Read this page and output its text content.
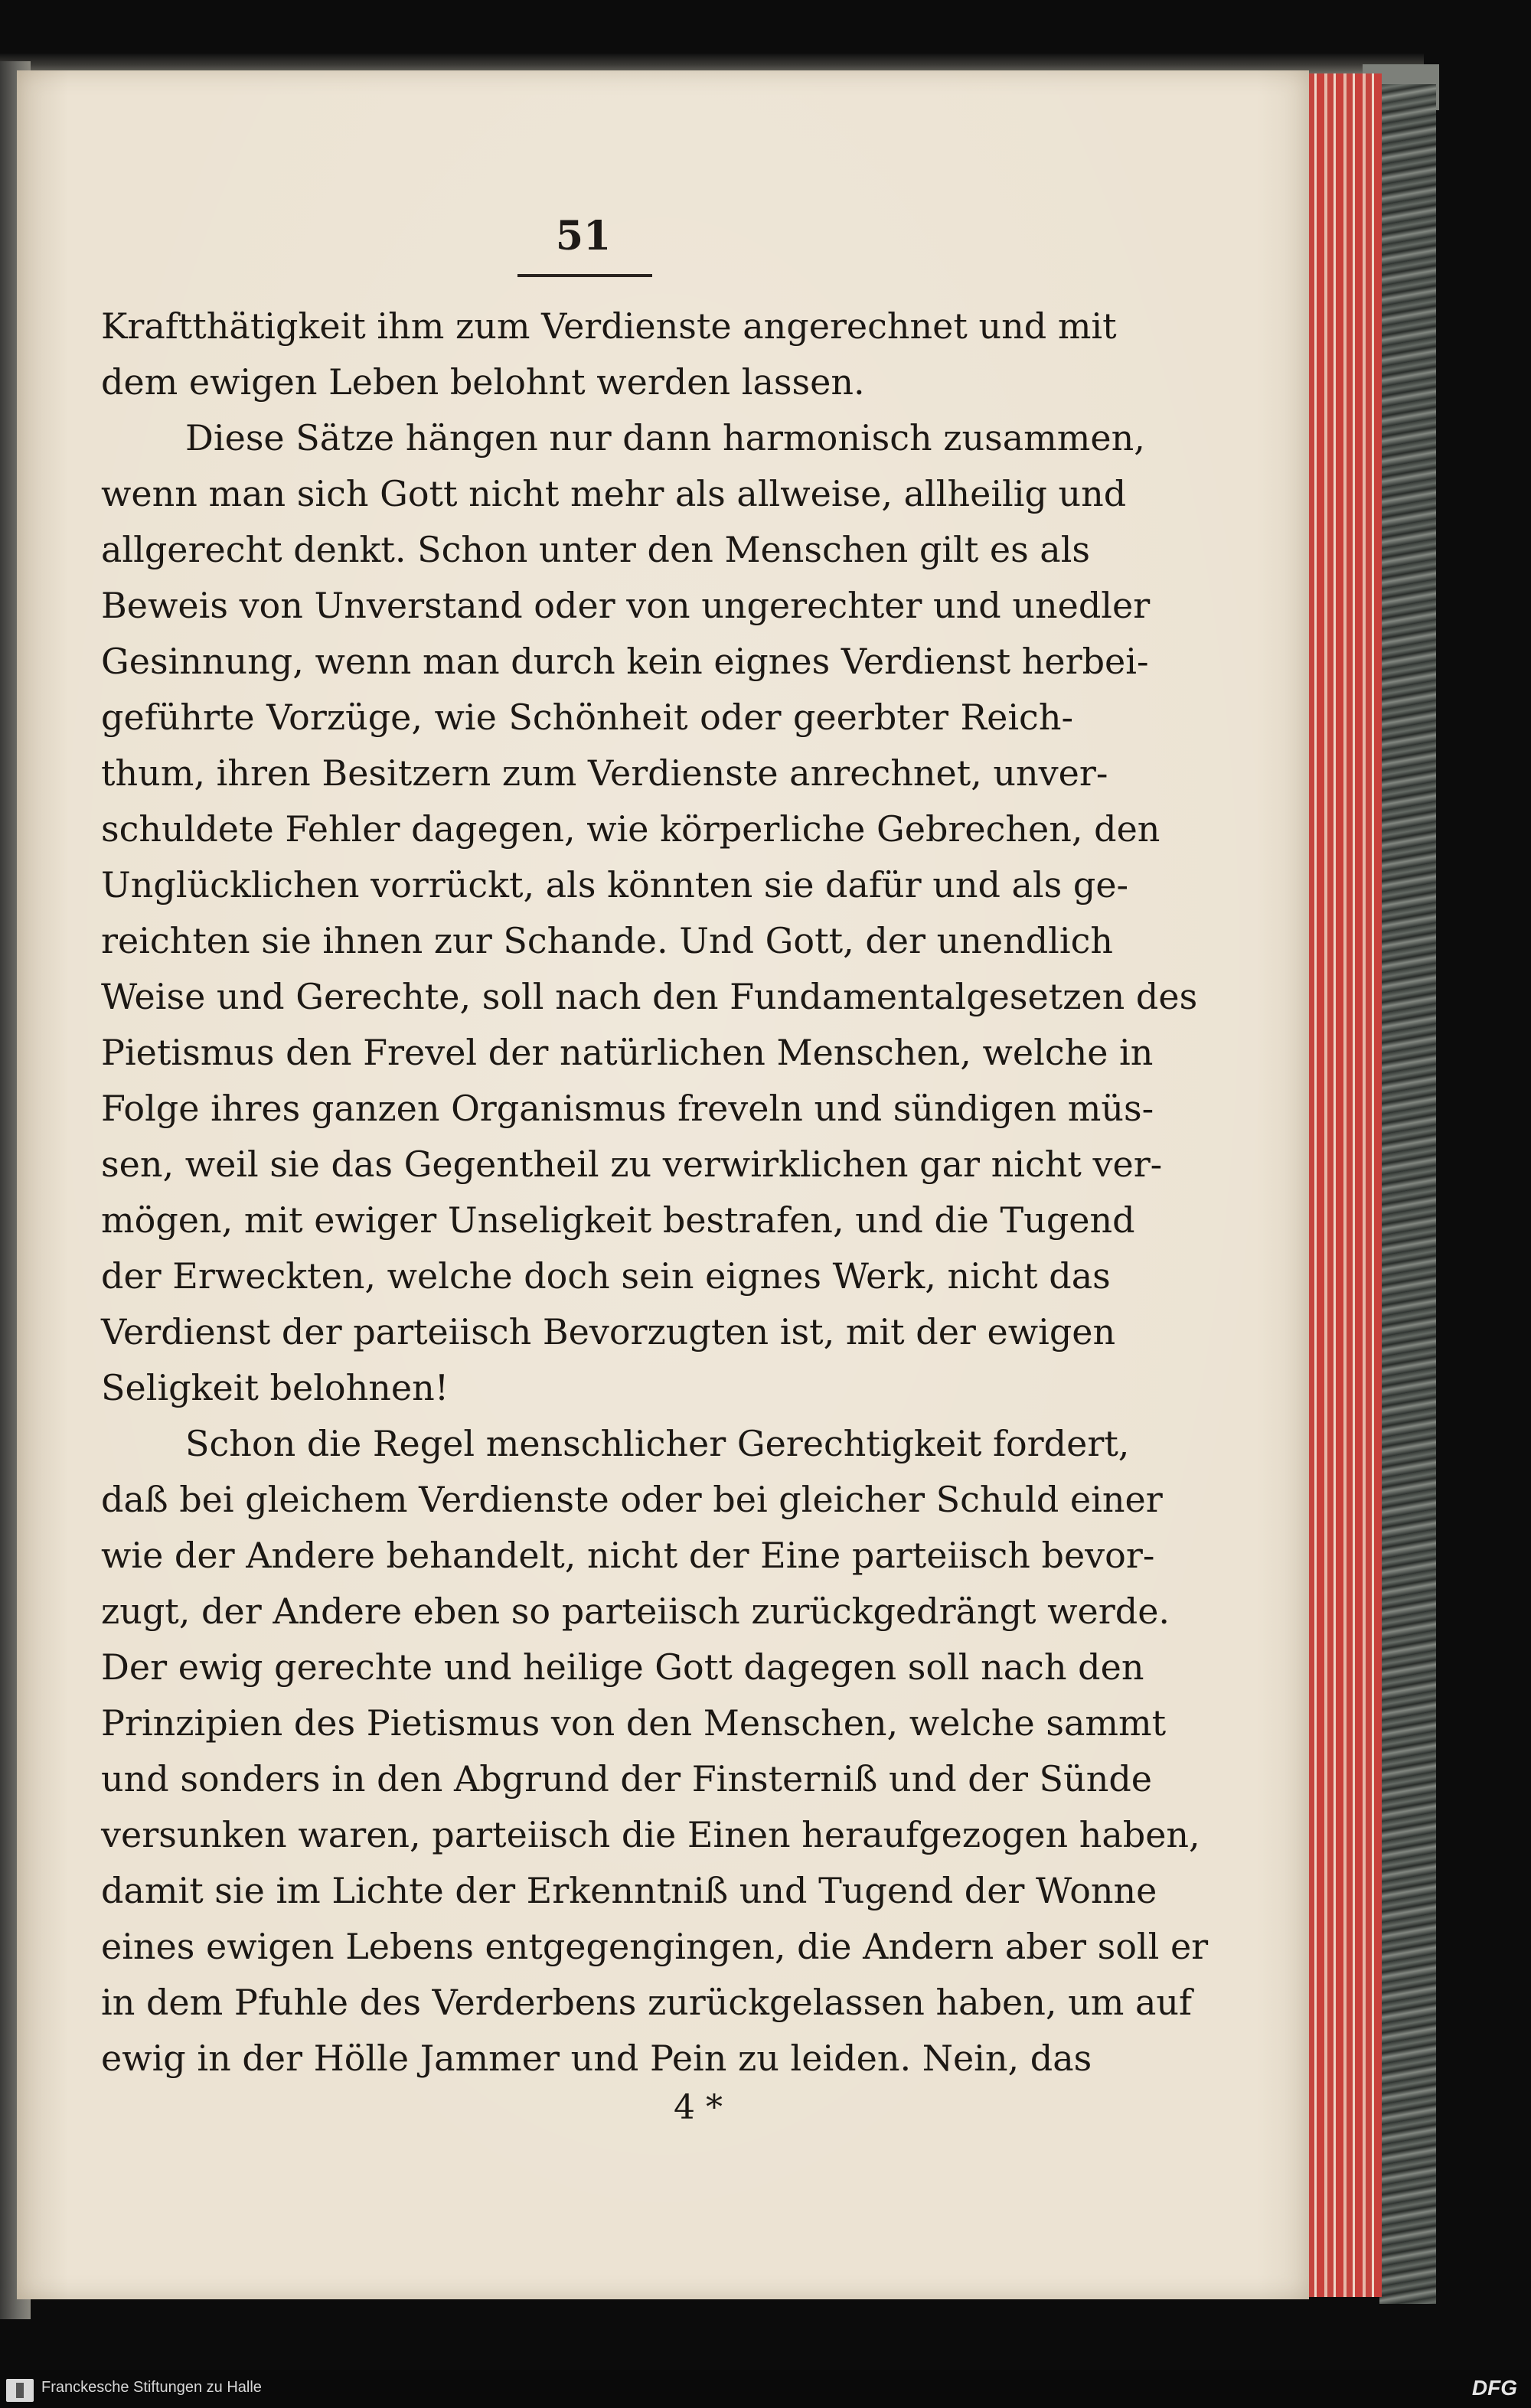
51
Kraftthätigkeit ihm zum Verdienste angerechnet und mit
dem ewigen Leben belohnt werden lassen.
Diese Sätze hängen nur dann harmonisch zusammen,
wenn man sich Gott nicht mehr als allweise, allheilig und
allgerecht denkt. Schon unter den Menschen gilt es als
Beweis von Unverstand oder von ungerechter und unedler
Gesinnung, wenn man durch kein eignes Verdienst herbei-
geführte Vorzüge, wie Schönheit oder geerbter Reich-
thum, ihren Besitzern zum Verdienste anrechnet, unver-
schuldete Fehler dagegen, wie körperliche Gebrechen, den
Unglücklichen vorrückt, als könnten sie dafür und als ge-
reichten sie ihnen zur Schande. Und Gott, der unendlich
Weise und Gerechte, soll nach den Fundamentalgesetzen des
Pietismus den Frevel der natürlichen Menschen, welche in
Folge ihres ganzen Organismus freveln und sündigen müs-
sen, weil sie das Gegentheil zu verwirklichen gar nicht ver-
mögen, mit ewiger Unseligkeit bestrafen, und die Tugend
der Erweckten, welche doch sein eignes Werk, nicht das
Verdienst der parteiisch Bevorzugten ist, mit der ewigen
Seligkeit belohnen!
Schon die Regel menschlicher Gerechtigkeit fordert,
daß bei gleichem Verdienste oder bei gleicher Schuld einer
wie der Andere behandelt, nicht der Eine parteiisch bevor-
zugt, der Andere eben so parteiisch zurückgedrängt werde.
Der ewig gerechte und heilige Gott dagegen soll nach den
Prinzipien des Pietismus von den Menschen, welche sammt
und sonders in den Abgrund der Finsterniß und der Sünde
versunken waren, parteiisch die Einen heraufgezogen haben,
damit sie im Lichte der Erkenntniß und Tugend der Wonne
eines ewigen Lebens entgegengingen, die Andern aber soll er
in dem Pfuhle des Verderbens zurückgelassen haben, um auf
ewig in der Hölle Jammer und Pein zu leiden. Nein, das
4 *
Franckesche Stiftungen zu Halle	DFG
